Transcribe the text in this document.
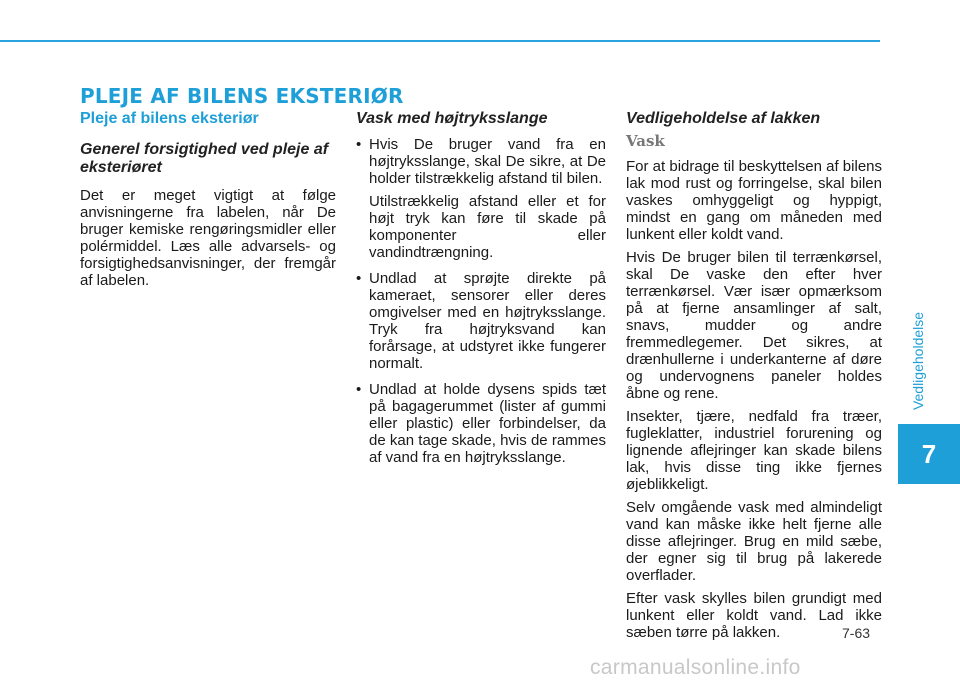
PLEJE AF BILENS EKSTERIØR
Pleje af bilens eksteriør
Generel forsigtighed ved pleje af eksteriøret

Det er meget vigtigt at følge anvisningerne fra labelen, når De bruger kemiske rengøringsmidler eller polérmiddel. Læs alle advarsels- og forsigtighedsanvisninger, der fremgår af labelen.

Vask med højtryksslange
• Hvis De bruger vand fra en højtryksslange, skal De sikre, at De holder tilstrækkelig afstand til bilen.
Utilstrækkelig afstand eller et for højt tryk kan føre til skade på komponenter eller vandindtrængning.
• Undlad at sprøjte direkte på kameraet, sensorer eller deres omgivelser med en højtryksslange. Tryk fra højtryksvand kan forårsage, at udstyret ikke fungerer normalt.
• Undlad at holde dysens spids tæt på bagagerummet (lister af gummi eller plastic) eller forbindelser, da de kan tage skade, hvis de rammes af vand fra en højtryksslange.
Vedligeholdelse af lakken
Vask

For at bidrage til beskyttelsen af bilens lak mod rust og forringelse, skal bilen vaskes omhyggeligt og hyppigt, mindst en gang om måneden med lunkent eller koldt vand.

Hvis De bruger bilen til terrænkørsel, skal De vaske den efter hver terrænkørsel. Vær især opmærksom på at fjerne ansamlinger af salt, snavs, mudder og andre fremmedlegemer. Det sikres, at drænhullerne i underkanterne af døre og undervognens paneler holdes åbne og rene.

Insekter, tjære, nedfald fra træer, fugleklatter, industriel forurening og lignende aflejringer kan skade bilens lak, hvis disse ting ikke fjernes øjeblikkeligt.

Selv omgående vask med almindeligt vand kan måske ikke helt fjerne alle disse aflejringer. Brug en mild sæbe, der egner sig til brug på lakerede overflader.

Efter vask skylles bilen grundigt med lunkent eller koldt vand. Lad ikke sæben tørre på lakken.

Vedligeholdelse
7
7-63
carmanualsonline.info
